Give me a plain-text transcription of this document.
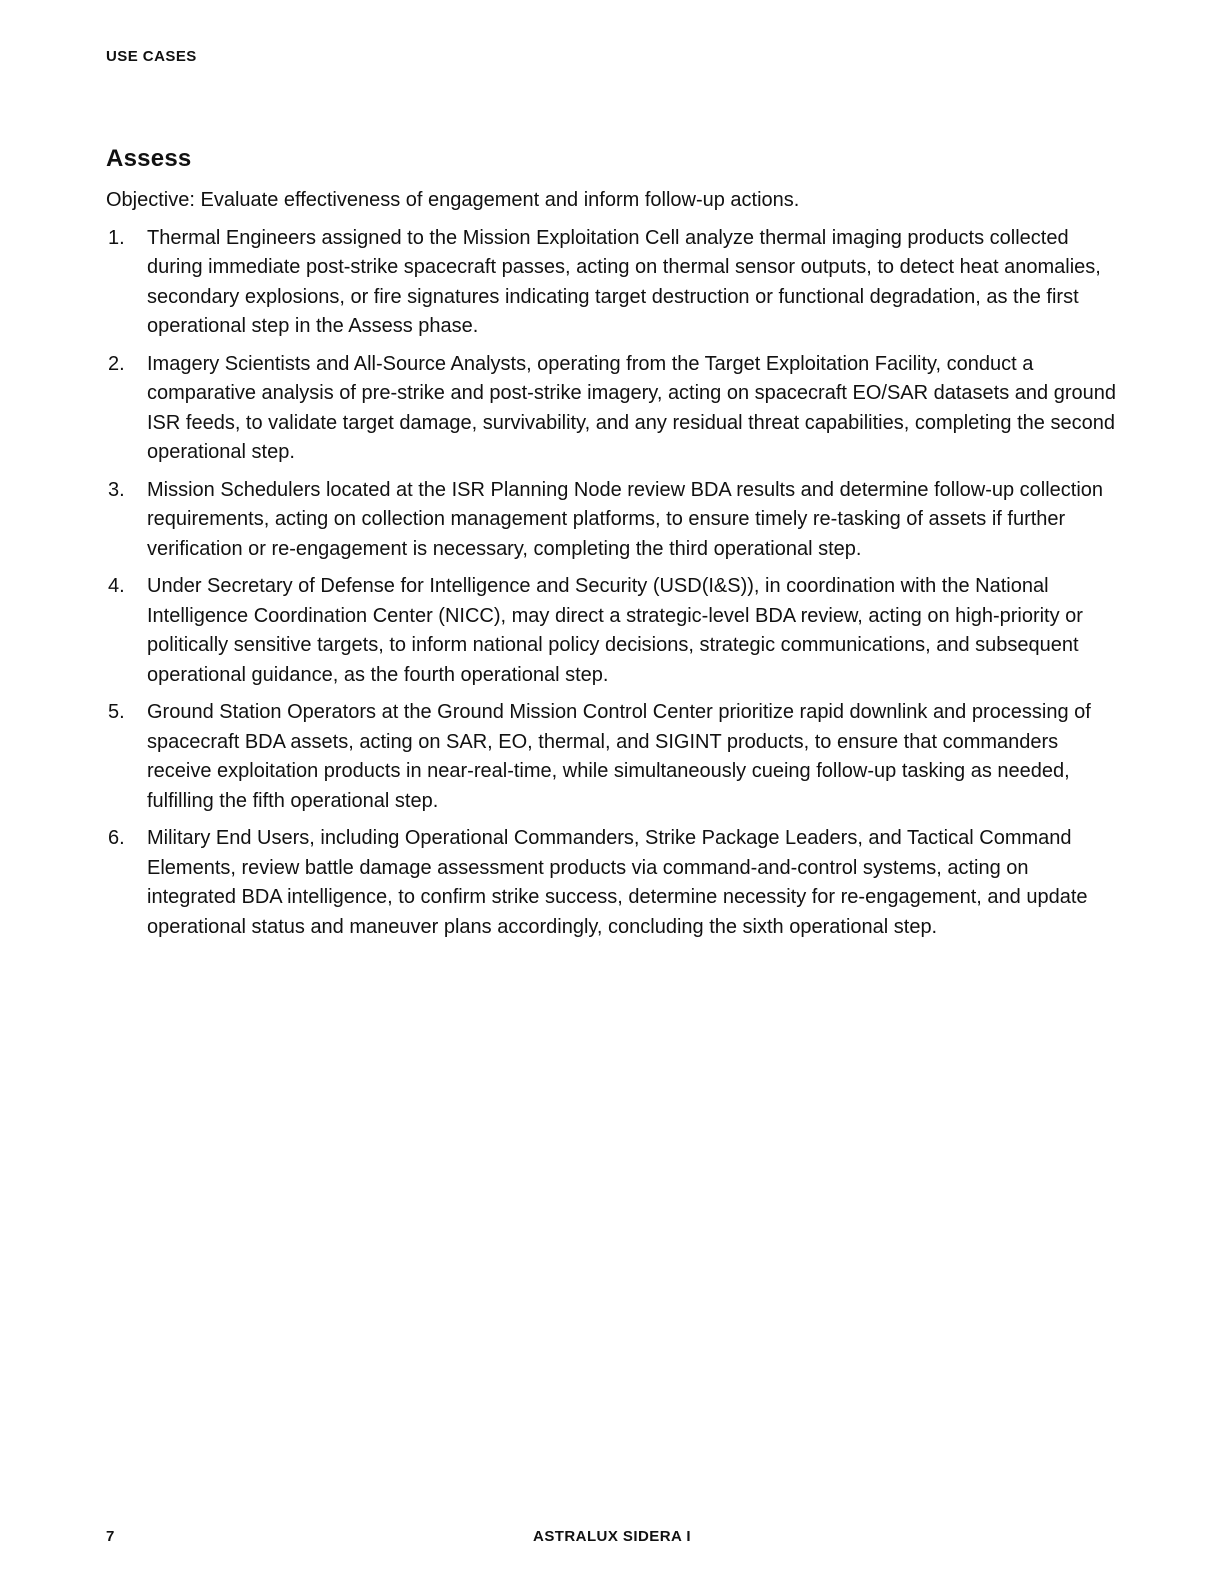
USE CASES
Assess

Objective: Evaluate effectiveness of engagement and inform follow-up actions.

1.	Thermal Engineers assigned to the Mission Exploitation Cell analyze thermal imaging products collected during immediate post-strike spacecraft passes, acting on thermal sensor outputs, to detect heat anomalies, secondary explosions, or fire signatures indicating target destruction or functional degradation, as the first operational step in the Assess phase.
2.	Imagery Scientists and All-Source Analysts, operating from the Target Exploitation Facility, conduct a comparative analysis of pre-strike and post-strike imagery, acting on spacecraft EO/SAR datasets and ground ISR feeds, to validate target damage, survivability, and any residual threat capabilities, completing the second operational step.
3.	Mission Schedulers located at the ISR Planning Node review BDA results and determine follow-up collection requirements, acting on collection management platforms, to ensure timely re-tasking of assets if further verification or re-engagement is necessary, completing the third operational step.
4.	Under Secretary of Defense for Intelligence and Security (USD(I&S)), in coordination with the National Intelligence Coordination Center (NICC), may direct a strategic-level BDA review, acting on high-priority or politically sensitive targets, to inform national policy decisions, strategic communications, and subsequent operational guidance, as the fourth operational step.
5.	Ground Station Operators at the Ground Mission Control Center prioritize rapid downlink and processing of spacecraft BDA assets, acting on SAR, EO, thermal, and SIGINT products, to ensure that commanders receive exploitation products in near-real-time, while simultaneously cueing follow-up tasking as needed, fulfilling the fifth operational step.
6.	Military End Users, including Operational Commanders, Strike Package Leaders, and Tactical Command Elements, review battle damage assessment products via command-and-control systems, acting on integrated BDA intelligence, to confirm strike success, determine necessity for re-engagement, and update operational status and maneuver plans accordingly, concluding the sixth operational step.
7	ASTRALUX SIDERA I
